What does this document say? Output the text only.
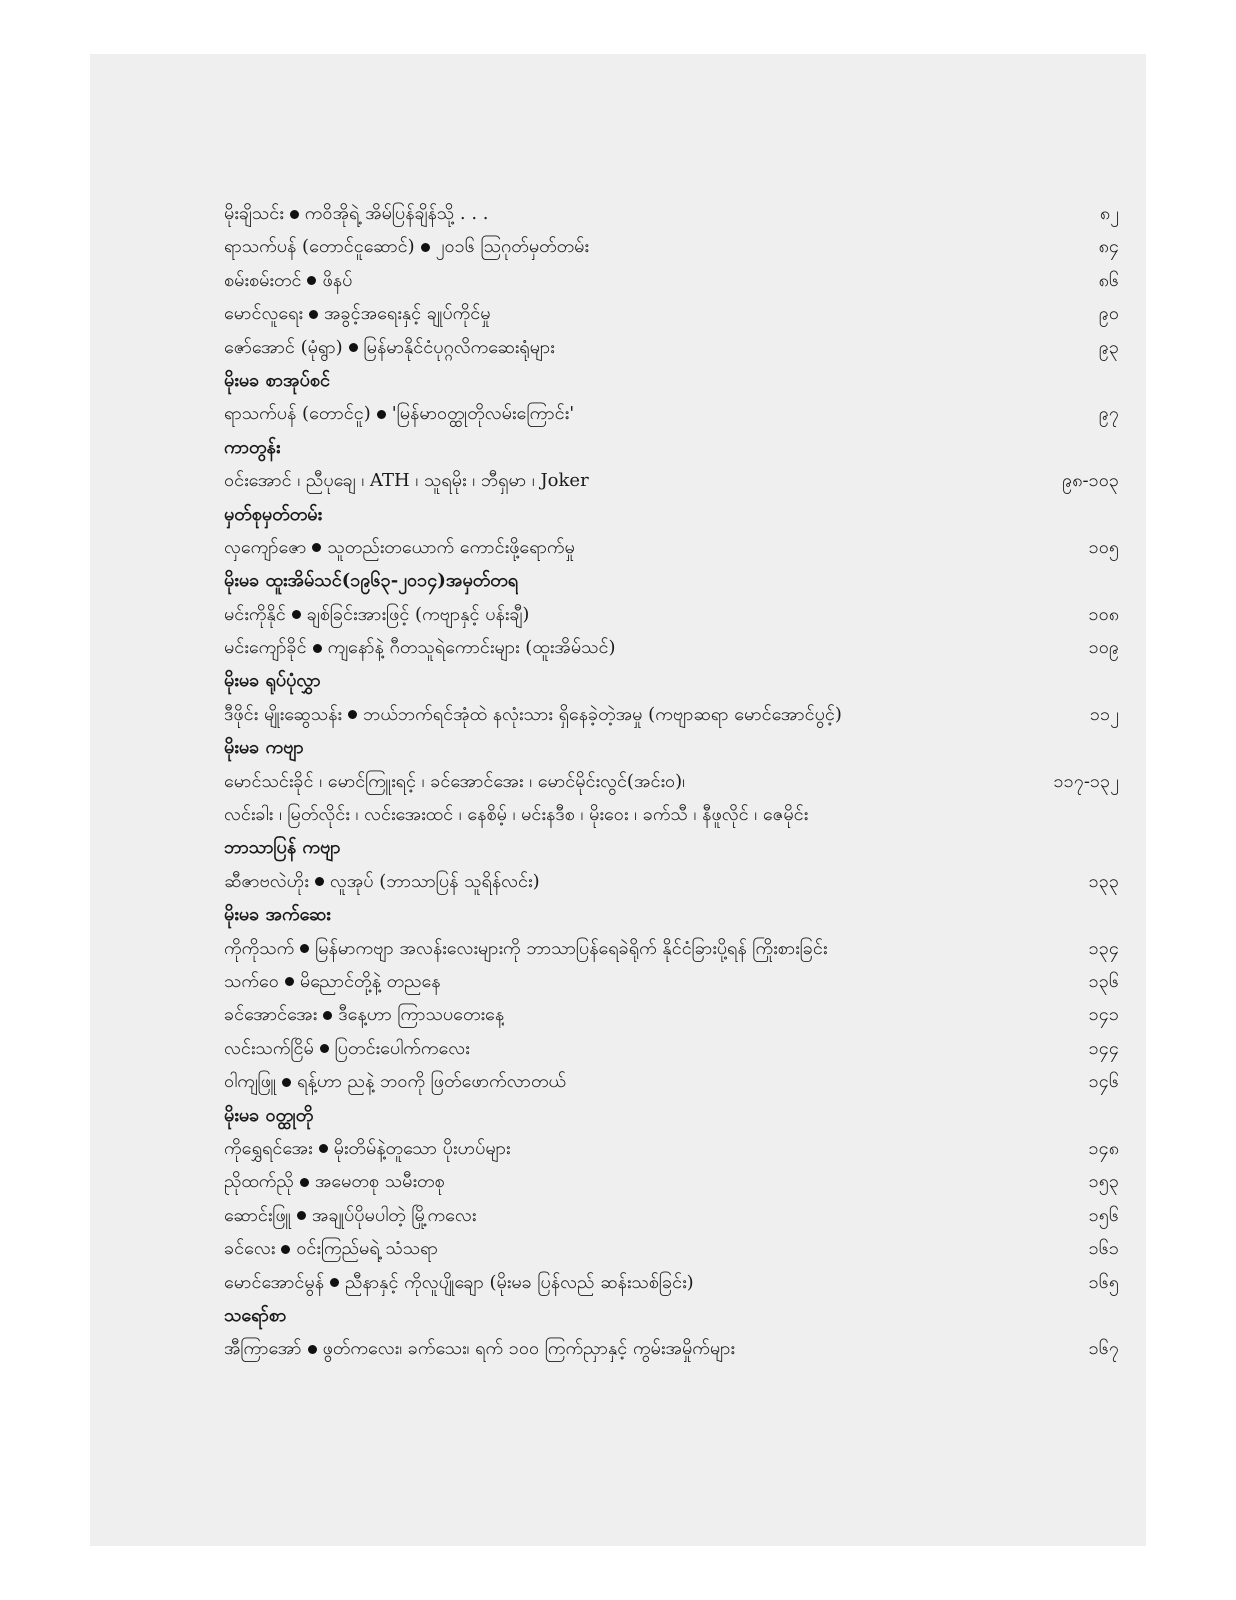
မိုးချိသင်း ကဝိအိုရဲ့ အိမ်ပြန်ချိန်သို့ . . .	၈၂
ရာသက်ပန် (တောင်ငူဆောင်) ၂၀၁၆ ဩဂုတ်မှတ်တမ်း	၈၄
စမ်းစမ်းတင် ဖိနပ်	၈၆
မောင်လူရေး အခွင့်အရေးနှင့် ချုပ်ကိုင်မှု	၉၀
ဇော်အောင် (မုံရွာ) မြန်မာနိုင်ငံပုဂ္ဂလိကဆေးရုံများ	၉၃
မိုးမခ စာအုပ်စင်
ရာသက်ပန် (တောင်ငူ) 'မြန်မာဝတ္ထုတိုလမ်းကြောင်း'	၉၇
ကာတွန်း
ဝင်းအောင် ၊ ညီပုချေ ၊ ATH ၊ သူရမိုး ၊ ဘီရှမာ ၊ Joker	၉၈-၁၀၃
မှတ်စုမှတ်တမ်း
လှကျော်ဇော သူတည်းတယောက် ကောင်းဖို့ရောက်မှု	၁၀၅
မိုးမခ ထူးအိမ်သင်(၁၉၆၃-၂၀၁၄)အမှတ်တရ
မင်းကိုနိုင် ချစ်ခြင်းအားဖြင့် (ကဗျာနှင့် ပန်းချီ)	၁၀၈
မင်းကျော်ခိုင် ကျနော်နဲ့ ဂီတသူရဲကောင်းများ (ထူးအိမ်သင်)	၁၀၉
မိုးမခ ရုပ်ပုံလွှာ
ဒီဖိုင်း မျိုးဆွေသန်း ဘယ်ဘက်ရင်အုံထဲ နလုံးသား ရှိနေခဲ့တဲ့အမှု (ကဗျာဆရာ မောင်အောင်ပွင့်)	၁၁၂
မိုးမခ ကဗျာ
မောင်သင်းခိုင် ၊ မောင်ကြူးရင့် ၊ ခင်အောင်အေး ၊ မောင်မိုင်းလွင်(အင်း၀)၊	၁၁၇-၁၃၂
လင်းခါး ၊ မြတ်လိုင်း ၊ လင်းအေးထင် ၊ နေစိမ့် ၊ မင်းနဒီစ ၊ မိုးဝေး ၊ ခက်သီ ၊ နီဖူလိုင် ၊ ဇေမိုင်း
ဘာသာပြန် ကဗျာ
ဆီဇာဗလဲဟိုး လူအုပ် (ဘာသာပြန် သူရိန်လင်း)	၁၃၃
မိုးမခ အက်ဆေး
ကိုကိုသက် မြန်မာကဗျာ အလန်းလေးများကို ဘာသာပြန်ရေခဲရိုက် နိုင်ငံခြားပို့ရန် ကြိုးစားခြင်း	၁၃၄
သက်ဝေ မိညောင်တို့နဲ့ တညနေ	၁၃၆
ခင်အောင်အေး ဒီနေ့ဟာ ကြာသပတေးနေ့	၁၄၁
လင်းသက်ငြိမ် ပြတင်းပေါက်ကလေး	၁၄၄
ဝါကျဖြူ ရန့်ဟာ ညနဲ့ ဘဝကို ဖြတ်ဖောက်လာတယ်	၁၄၆
မိုးမခ ဝတ္ထုတို
ကိုရွှေရင်အေး မိုးတိမ်နဲ့တူသော ပိုးဟပ်များ	၁၄၈
ညိုထက်ညို အမေတစု သမီးတစု	၁၅၃
ဆောင်းဖြူ အချုပ်ပိုမပါတဲ့ မြို့ကလေး	၁၅၆
ခင်လေး ဝင်းကြည်မရဲ့ သံသရာ	၁၆၁
မောင်အောင်မွန် ညီနာနှင့် ကိုလူပျိုချော (မိုးမခ ပြန်လည် ဆန်းသစ်ခြင်း)	၁၆၅
သရော်စာ
အီကြာအော် ဖွတ်ကလေး၊ ခက်သေး၊ ရက် ၁၀၀ ကြက်ညှာနှင့် ကွမ်းအမှိုက်များ	၁၆၇
